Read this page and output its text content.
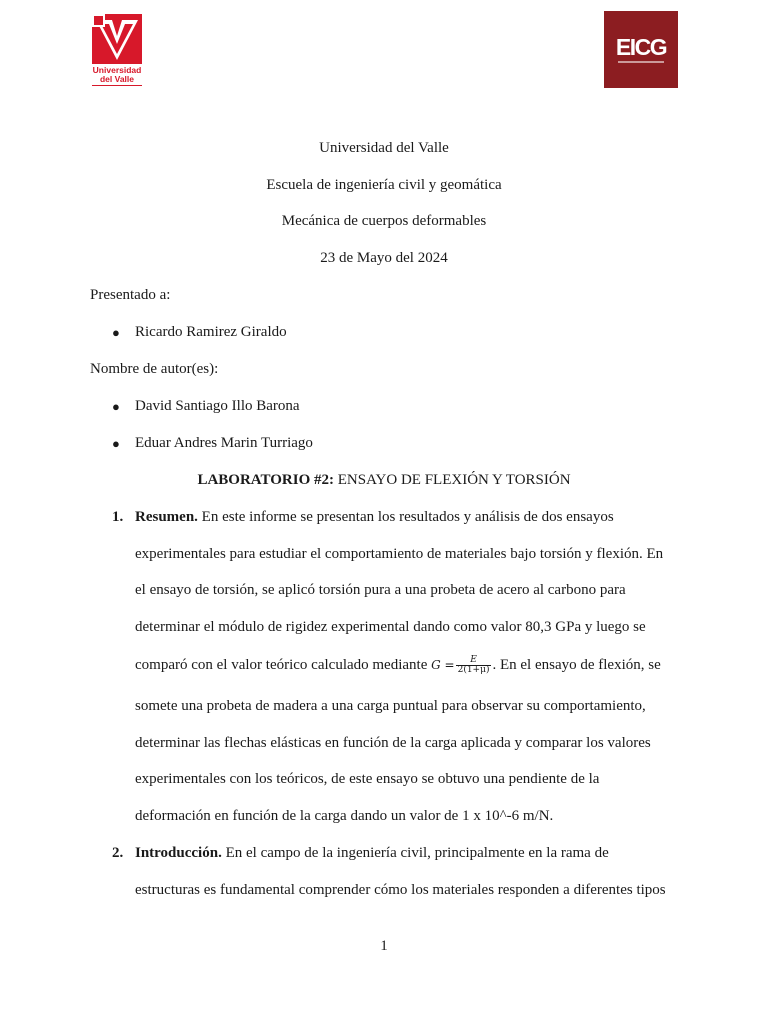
Universidad
del Valle
EICG
Universidad del Valle
Escuela de ingeniería civil y geomática
Mecánica de cuerpos deformables
23 de Mayo del 2024
Presentado a:
● Ricardo Ramirez Giraldo
Nombre de autor(es):
● David Santiago Illo Barona
● Eduar Andres Marin Turriago
LABORATORIO #2: ENSAYO DE FLEXIÓN Y TORSIÓN
1. Resumen. En este informe se presentan los resultados y análisis de dos ensayos
experimentales para estudiar el comportamiento de materiales bajo torsión y flexión. En
el ensayo de torsión, se aplicó torsión pura a una probeta de acero al carbono para
determinar el módulo de rigidez experimental dando como valor 80,3 GPa y luego se
comparó con el valor teórico calculado mediante $G = \frac{E}{2(1+\mu)}$ . En el ensayo de flexión, se
somete una probeta de madera a una carga puntual para observar su comportamiento,
determinar las flechas elásticas en función de la carga aplicada y comparar los valores
experimentales con los teóricos, de este ensayo se obtuvo una pendiente de la
deformación en función de la carga dando un valor de 1 x 10^-6 m/N.
2. Introducción. En el campo de la ingeniería civil, principalmente en la rama de
estructuras es fundamental comprender cómo los materiales responden a diferentes tipos
1
